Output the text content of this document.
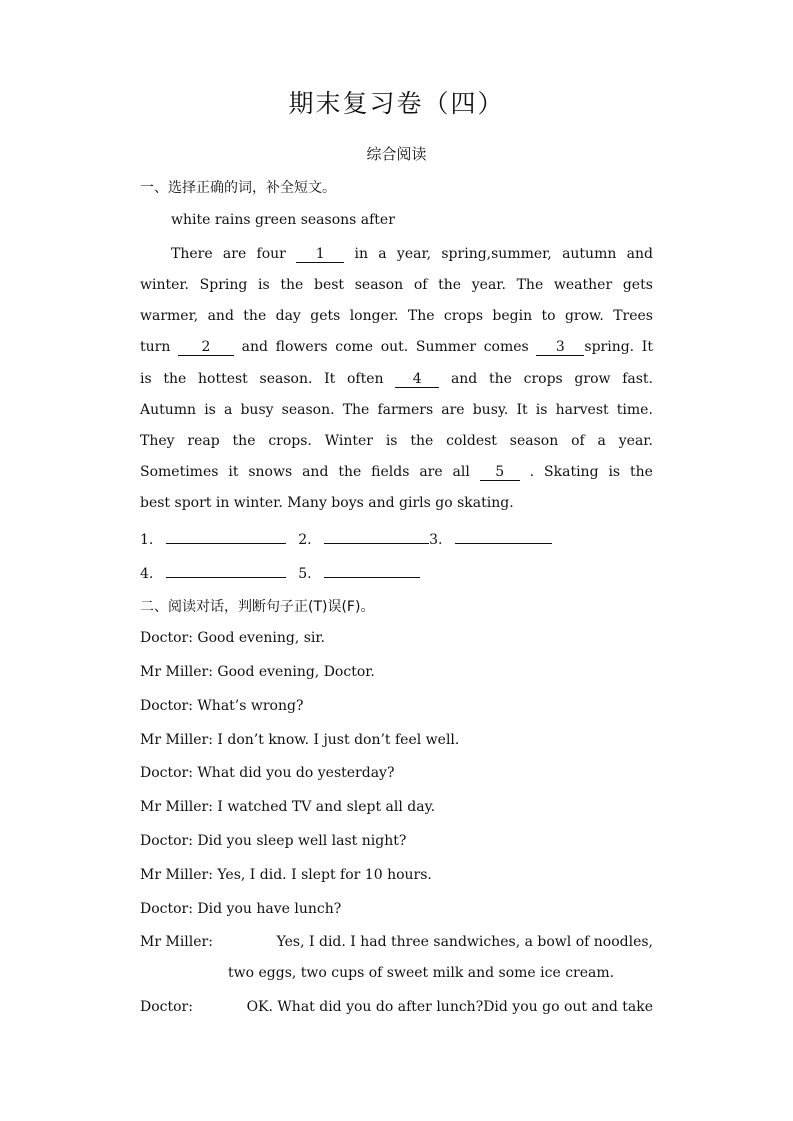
期末复习卷（四）
综合阅读
一、选择正确的词，补全短文。
white rains green seasons after
There are four	1	in a year, spring,summer, autumn and
winter. Spring is the best season of the year. The weather gets
warmer, and the day gets longer. The crops begin to grow. Trees
turn	2	and flowers come out. Summer comes	3 spring. It
is the hottest season. It often	4	and the crops grow fast.
Autumn is a busy season. The farmers are busy. It is harvest time.
They reap the crops. Winter is the coldest season of a year.
Sometimes it snows and the fields are all	5	. Skating is the
best sport in winter. Many boys and girls go skating.
1.	2.	3.
4.	5.
二、阅读对话，判断句子正(T)误(F)。
Doctor: Good evening, sir.
Mr Miller: Good evening, Doctor.
Doctor: What’s wrong?
Mr Miller: I don’t know. I just don’t feel well.
Doctor: What did you do yesterday?
Mr Miller: I watched TV and slept all day.
Doctor: Did you sleep well last night?
Mr Miller: Yes, I did. I slept for 10 hours.
Doctor: Did you have lunch?
Mr Miller:	Yes, I did. I had three sandwiches, a bowl of noodles,
two eggs, two cups of sweet milk and some ice cream.
Doctor:	OK. What did you do after lunch?Did you go out and take
